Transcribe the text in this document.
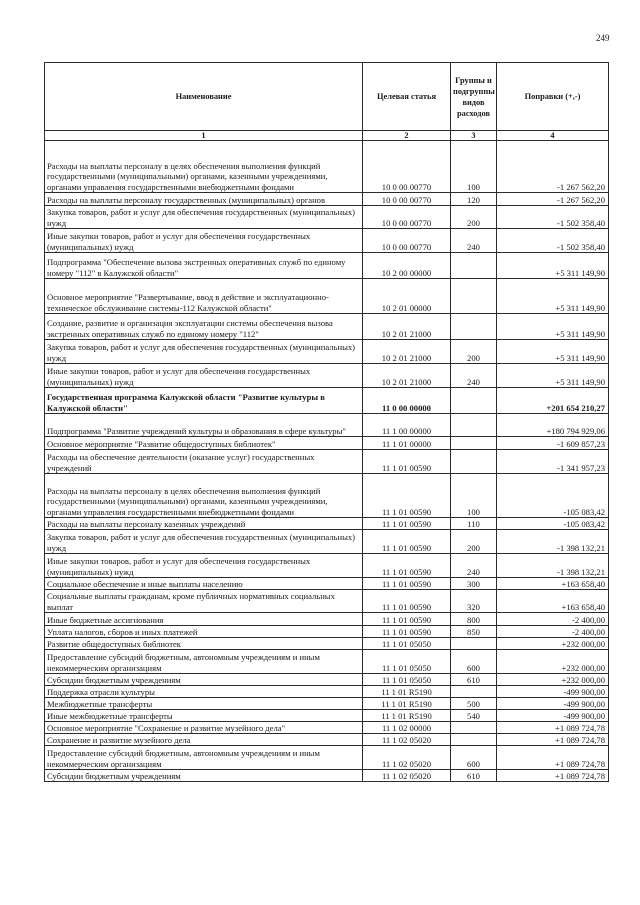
249
Наименование	Целевая статья	Группы и подгруппы видов расходов	Поправки (+,-)
1	2	3	4
Расходы на выплаты персоналу в целях обеспечения выполнения функций государственными (муниципальными) органами, казенными учреждениями, органами управления государственными внебюджетными фондами	10 0 00 00770	100	-1 267 562,20
Расходы на выплаты персоналу государственных (муниципальных) органов	10 0 00 00770	120	-1 267 562,20
Закупка товаров, работ и услуг для обеспечения государственных (муниципальных) нужд	10 0 00 00770	200	-1 502 358,40
Иные закупки товаров, работ и услуг для обеспечения государственных (муниципальных) нужд	10 0 00 00770	240	-1 502 358,40
Подпрограмма "Обеспечение вызова экстренных оперативных служб по единому номеру "112" в Калужской области"	10 2 00 00000		+5 311 149,90
Основное мероприятие "Развертывание, ввод в действие и эксплуатационно-техническое обслуживание системы-112 Калужской области"	10 2 01 00000		+5 311 149,90
Создание, развитие и организация эксплуатации системы обеспечения вызова экстренных оперативных служб по единому номеру "112"	10 2 01 21000		+5 311 149,90
Закупка товаров, работ и услуг для обеспечения государственных (муниципальных) нужд	10 2 01 21000	200	+5 311 149,90
Иные закупки товаров, работ и услуг для обеспечения государственных (муниципальных) нужд	10 2 01 21000	240	+5 311 149,90
Государственная программа Калужской области "Развитие культуры в Калужской области"	11 0 00 00000		+201 654 210,27
Подпрограмма "Развитие учреждений культуры и образования в сфере культуры"	11 1 00 00000		+180 794 929,06
Основное мероприятие "Развитие общедоступных библиотек"	11 1 01 00000		-1 609 857,23
Расходы на обеспечение деятельности (оказание услуг) государственных учреждений	11 1 01 00590		-1 341 957,23
Расходы на выплаты персоналу в целях обеспечения выполнения функций государственными (муниципальными) органами, казенными учреждениями, органами управления государственными внебюджетными фондами	11 1 01 00590	100	-105 083,42
Расходы на выплаты персоналу казенных учреждений	11 1 01 00590	110	-105 083,42
Закупка товаров, работ и услуг для обеспечения государственных (муниципальных) нужд	11 1 01 00590	200	-1 398 132,21
Иные закупки товаров, работ и услуг для обеспечения государственных (муниципальных) нужд	11 1 01 00590	240	-1 398 132,21
Социальное обеспечение и иные выплаты населению	11 1 01 00590	300	+163 658,40
Социальные выплаты гражданам, кроме публичных нормативных социальных выплат	11 1 01 00590	320	+163 658,40
Иные бюджетные ассигнования	11 1 01 00590	800	-2 400,00
Уплата налогов, сборов и иных платежей	11 1 01 00590	850	-2 400,00
Развитие общедоступных библиотек	11 1 01 05050		+232 000,00
Предоставление субсидий бюджетным, автономным учреждениям и иным некоммерческим организациям	11 1 01 05050	600	+232 000,00
Субсидии бюджетным учреждениям	11 1 01 05050	610	+232 000,00
Поддержка отрасли культуры	11 1 01 R5190		-499 900,00
Межбюджетные трансферты	11 1 01 R5190	500	-499 900,00
Иные межбюджетные трансферты	11 1 01 R5190	540	-499 900,00
Основное мероприятие "Сохранение и развитие музейного дела"	11 1 02 00000		+1 089 724,78
Сохранение и развитие музейного дела	11 1 02 05020		+1 089 724,78
Предоставление субсидий бюджетным, автономным учреждениям и иным некоммерческим организациям	11 1 02 05020	600	+1 089 724,78
Субсидии бюджетным учреждениям	11 1 02 05020	610	+1 089 724,78
